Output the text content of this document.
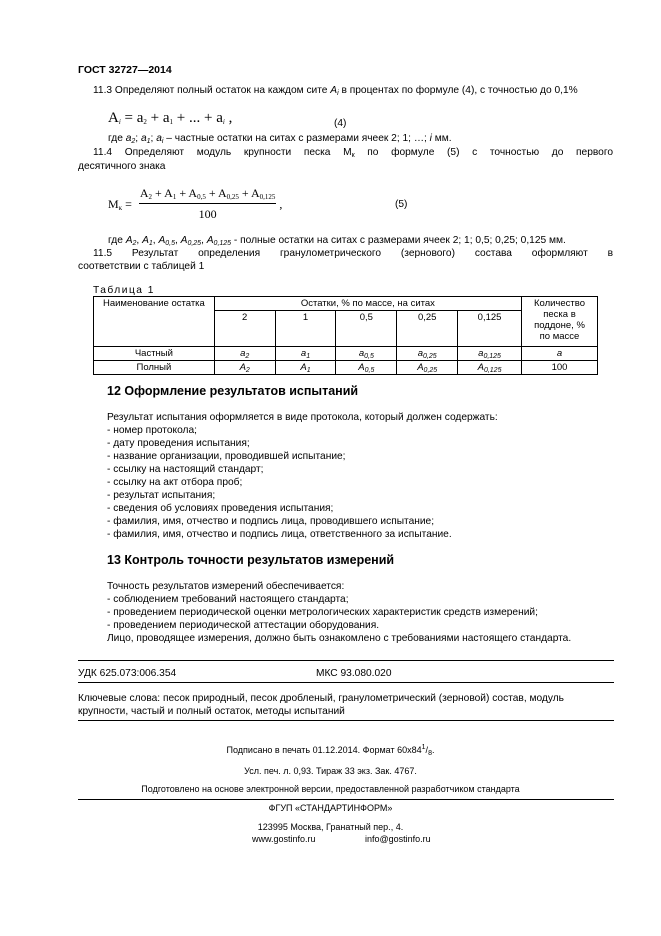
ГОСТ 32727—2014
11.3 Определяют полный остаток на каждом сите $A_i$ в процентах по формуле (4), с точностью до 0,1%
$A_i = a_2 + a_1$ + ... + $a_i$ ,	(4)
где $a_2$; $a_1$; $a_i$ – частные остатки на ситах с размерами ячеек 2; 1; …; i мм.
11.4 Определяют модуль крупности песка $М_к$ по формуле (5) с точностью до первого
десятичного знака
$М_к = \frac{A_2 + A_1 + A_{0,5} + A_{0,25} + A_{0,125}}{100}$ ,	(5)
где $A_2$, $A_1$, $A_{0,5}$, $A_{0,25}$, $A_{0,125}$ - полные остатки на ситах с размерами ячеек 2; 1; 0,5; 0,25; 0,125 мм.
11.5 Результат определения гранулометрического (зернового) состава оформляют в
соответствии с таблицей 1
Таблица 1
Наименование остатка	Остатки, % по массе, на ситах					Количество песка в поддоне, % по массе
	2	1	0,5	0,25	0,125	
Частный	$a_2$	$a_1$	$a_{0,5}$	$a_{0,25}$	$a_{0,125}$	a
Полный	$A_2$	$A_1$	$A_{0,5}$	$A_{0,25}$	$A_{0,125}$	100
12 Оформление результатов испытаний
Результат испытания оформляется в виде протокола, который должен содержать:
- номер протокола;
- дату проведения испытания;
- название организации, проводившей испытание;
- ссылку на настоящий стандарт;
- ссылку на акт отбора проб;
- результат испытания;
- сведения об условиях проведения испытания;
- фамилия, имя, отчество и подпись лица, проводившего испытание;
- фамилия, имя, отчество и подпись лица, ответственного за испытание.
13 Контроль точности результатов измерений
Точность результатов измерений обеспечивается:
- соблюдением требований настоящего стандарта;
- проведением периодической оценки метрологических характеристик средств измерений;
- проведением периодической аттестации оборудования.
Лицо, проводящее измерения, должно быть ознакомлено с требованиями настоящего стандарта.
УДК 625.073:006.354	МКС 93.080.020
Ключевые слова: песок природный, песок дробленый, гранулометрический (зерновой) состав, модуль
крупности, частый и полный остаток, методы испытаний
Подписано в печать 01.12.2014. Формат $60x84^1/_8$.
Усл. печ. л. 0,93. Тираж 33 экз. Зак. 4767.
Подготовлено на основе электронной версии, предоставленной разработчиком стандарта
ФГУП «СТАНДАРТИНФОРМ»
123995 Москва, Гранатный пер., 4.
www.gostinfo.ru	info@gostinfo.ru
